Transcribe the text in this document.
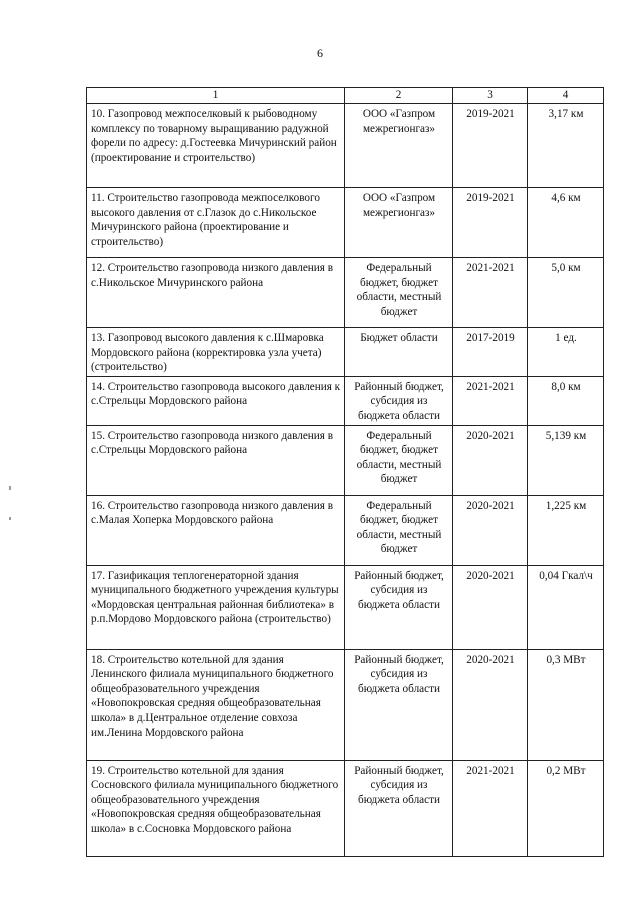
6
1	2	3	4
10. Газопровод межпоселковый к рыбоводному комплексу по товарному выращиванию радужной форели по адресу: д.Гостеевка Мичуринский район (проектирование и строительство)	ООО «Газпром межрегионгаз»	2019-2021	3,17 км
11. Строительство газопровода межпоселкового высокого давления от с.Глазок до с.Никольское Мичуринского района (проектирование и строительство)	ООО «Газпром межрегионгаз»	2019-2021	4,6 км
12. Строительство газопровода низкого давления в с.Никольское Мичуринского района	Федеральный бюджет, бюджет области, местный бюджет	2021-2021	5,0 км
13. Газопровод высокого давления к с.Шмаровка Мордовского района (корректировка узла учета) (строительство)	Бюджет области	2017-2019	1 ед.
14. Строительство газопровода высокого давления к с.Стрельцы Мордовского района	Районный бюджет, субсидия из бюджета области	2021-2021	8,0 км
15. Строительство газопровода низкого давления в с.Стрельцы Мордовского района	Федеральный бюджет, бюджет области, местный бюджет	2020-2021	5,139 км
16. Строительство газопровода низкого давления в с.Малая Хоперка Мордовского района	Федеральный бюджет, бюджет области, местный бюджет	2020-2021	1,225 км
17. Газификация теплогенераторной здания муниципального бюджетного учреждения культуры «Мордовская центральная районная библиотека» в р.п.Мордово Мордовского района (строительство)	Районный бюджет, субсидия из бюджета области	2020-2021	0,04 Гкал\ч
18. Строительство котельной для здания Ленинского филиала муниципального бюджетного общеобразовательного учреждения «Новопокровская средняя общеобразовательная школа» в д.Центральное отделение совхоза им.Ленина Мордовского района	Районный бюджет, субсидия из бюджета области	2020-2021	0,3 МВт
19. Строительство котельной для здания Сосновского филиала муниципального бюджетного общеобразовательного учреждения «Новопокровская средняя общеобразовательная школа» в с.Сосновка Мордовского района	Районный бюджет, субсидия из бюджета области	2021-2021	0,2 МВт
